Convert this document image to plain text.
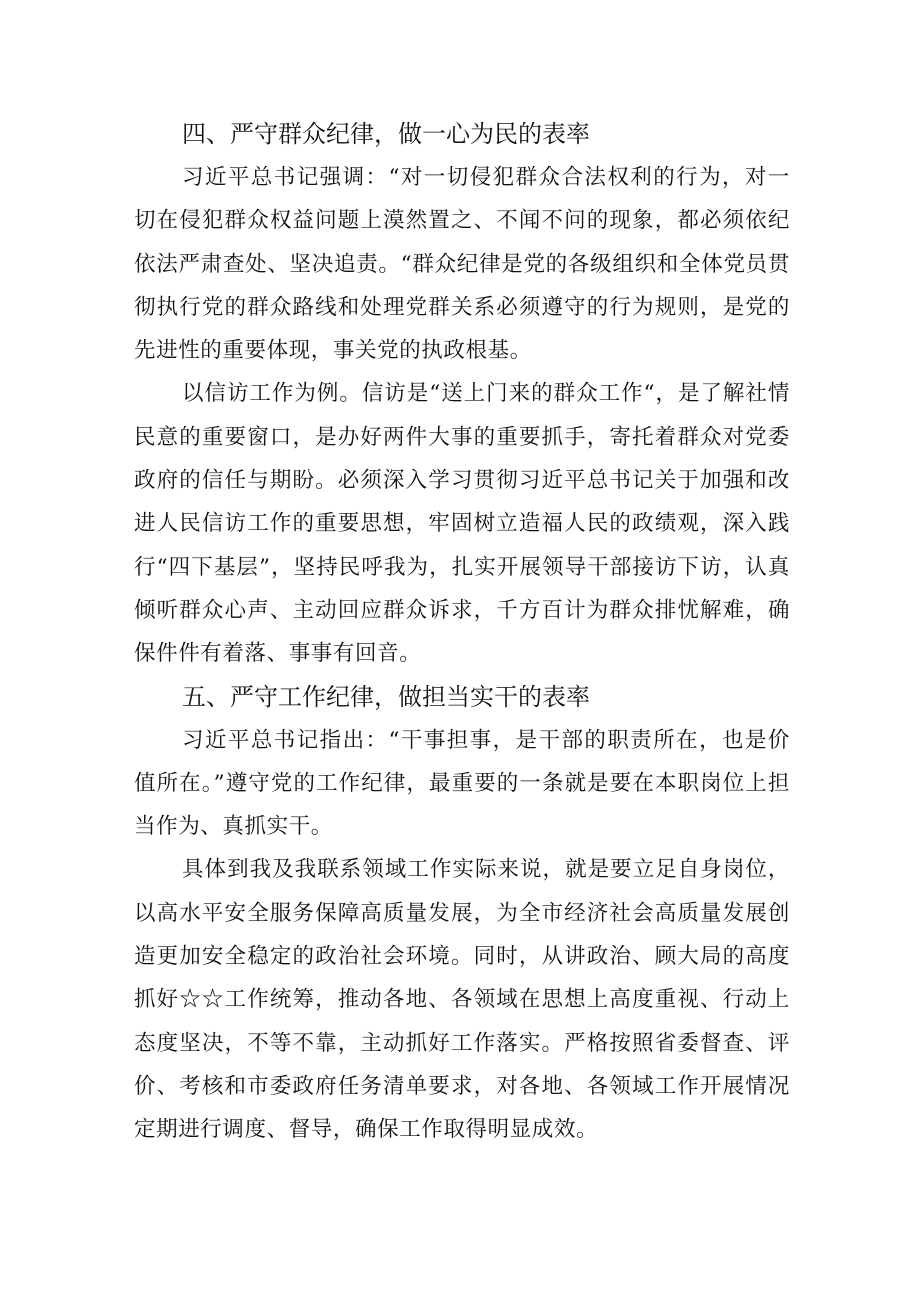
四、严守群众纪律，做一心为民的表率

习近平总书记强调：“对一切侵犯群众合法权利的行为，对一切在侵犯群众权益问题上漠然置之、不闻不问的现象，都必须依纪依法严肃查处、坚决追责。“群众纪律是党的各级组织和全体党员贯彻执行党的群众路线和处理党群关系必须遵守的行为规则，是党的先进性的重要体现，事关党的执政根基。

以信访工作为例。信访是“送上门来的群众工作“，是了解社情民意的重要窗口，是办好两件大事的重要抓手，寄托着群众对党委政府的信任与期盼。必须深入学习贯彻习近平总书记关于加强和改进人民信访工作的重要思想，牢固树立造福人民的政绩观，深入践行“四下基层”，坚持民呼我为，扎实开展领导干部接访下访，认真倾听群众心声、主动回应群众诉求，千方百计为群众排忧解难，确保件件有着落、事事有回音。

五、严守工作纪律，做担当实干的表率

习近平总书记指出：“干事担事，是干部的职责所在，也是价值所在。”遵守党的工作纪律，最重要的一条就是要在本职岗位上担当作为、真抓实干。

具体到我及我联系领域工作实际来说，就是要立足自身岗位，以高水平安全服务保障高质量发展，为全市经济社会高质量发展创造更加安全稳定的政治社会环境。同时，从讲政治、顾大局的高度抓好☆☆工作统筹，推动各地、各领域在思想上高度重视、行动上态度坚决，不等不靠，主动抓好工作落实。严格按照省委督查、评价、考核和市委政府任务清单要求，对各地、各领域工作开展情况定期进行调度、督导，确保工作取得明显成效。
